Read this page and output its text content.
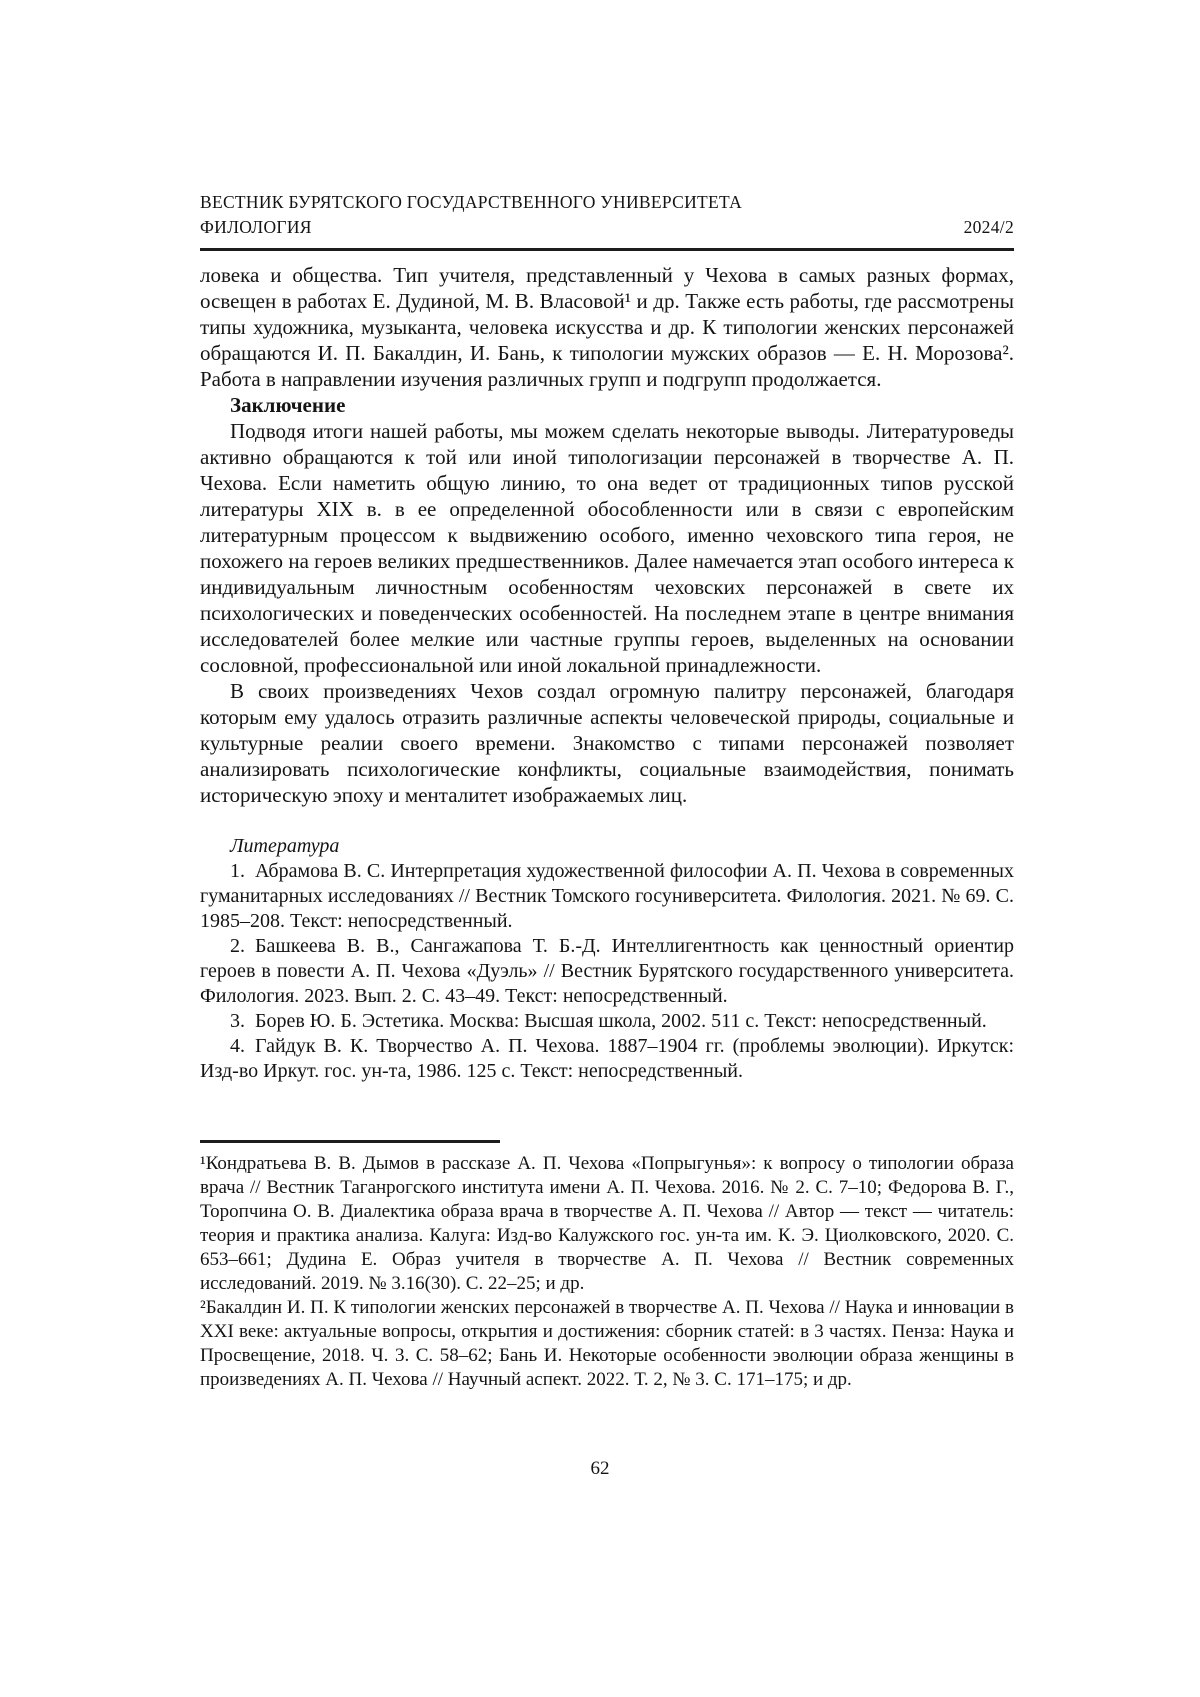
ВЕСТНИК БУРЯТСКОГО ГОСУДАРСТВЕННОГО УНИВЕРСИТЕТА
ФИЛОЛОГИЯ	2024/2

ловека и общества. Тип учителя, представленный у Чехова в самых разных формах, освещен в работах Е. Дудиной, М. В. Власовой¹ и др. Также есть работы, где рассмотрены типы художника, музыканта, человека искусства и др. К типологии женских персонажей обращаются И. П. Бакалдин, И. Бань, к типологии мужских образов — Е. Н. Морозова². Работа в направлении изучения различных групп и подгрупп продолжается.

Заключение

Подводя итоги нашей работы, мы можем сделать некоторые выводы. Литературоведы активно обращаются к той или иной типологизации персонажей в творчестве А. П. Чехова. Если наметить общую линию, то она ведет от традиционных типов русской литературы XIX в. в ее определенной обособленности или в связи с европейским литературным процессом к выдвижению особого, именно чеховского типа героя, не похожего на героев великих предшественников. Далее намечается этап особого интереса к индивидуальным личностным особенностям чеховских персонажей в свете их психологических и поведенческих особенностей. На последнем этапе в центре внимания исследователей более мелкие или частные группы героев, выделенных на основании сословной, профессиональной или иной локальной принадлежности.

В своих произведениях Чехов создал огромную палитру персонажей, благодаря которым ему удалось отразить различные аспекты человеческой природы, социальные и культурные реалии своего времени. Знакомство с типами персонажей позволяет анализировать психологические конфликты, социальные взаимодействия, понимать историческую эпоху и менталитет изображаемых лиц.

Литература

1. Абрамова В. С. Интерпретация художественной философии А. П. Чехова в современных гуманитарных исследованиях // Вестник Томского госуниверситета. Филология. 2021. № 69. С. 1985–208. Текст: непосредственный.

2. Башкеева В. В., Сангажапова Т. Б.-Д. Интеллигентность как ценностный ориентир героев в повести А. П. Чехова «Дуэль» // Вестник Бурятского государственного университета. Филология. 2023. Вып. 2. С. 43–49. Текст: непосредственный.

3. Борев Ю. Б. Эстетика. Москва: Высшая школа, 2002. 511 с. Текст: непосредственный.

4. Гайдук В. К. Творчество А. П. Чехова. 1887–1904 гг. (проблемы эволюции). Иркутск: Изд-во Иркут. гос. ун-та, 1986. 125 с. Текст: непосредственный.

¹Кондратьева В. В. Дымов в рассказе А. П. Чехова «Попрыгунья»: к вопросу о типологии образа врача // Вестник Таганрогского института имени А. П. Чехова. 2016. № 2. С. 7–10; Федорова В. Г., Торопчина О. В. Диалектика образа врача в творчестве А. П. Чехова // Автор — текст — читатель: теория и практика анализа. Калуга: Изд-во Калужского гос. ун-та им. К. Э. Циолковского, 2020. С. 653–661; Дудина Е. Образ учителя в творчестве А. П. Чехова // Вестник современных исследований. 2019. № 3.16(30). С. 22–25; и др.

²Бакалдин И. П. К типологии женских персонажей в творчестве А. П. Чехова // Наука и инновации в XXI веке: актуальные вопросы, открытия и достижения: сборник статей: в 3 частях. Пенза: Наука и Просвещение, 2018. Ч. 3. С. 58–62; Бань И. Некоторые особенности эволюции образа женщины в произведениях А. П. Чехова // Научный аспект. 2022. Т. 2, № 3. С. 171–175; и др.

62
